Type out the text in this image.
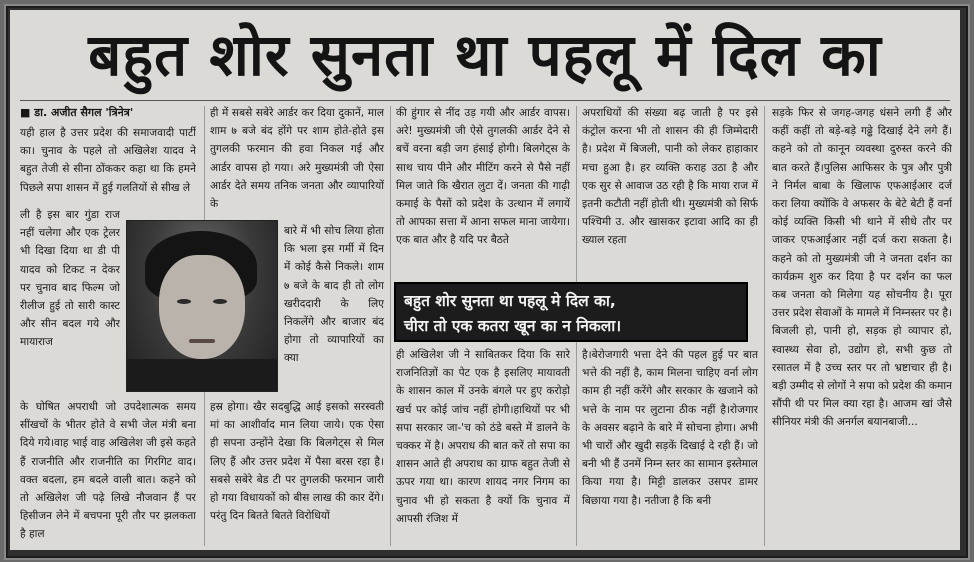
बहुत शोर सुनता था पहलू में दिल का
■ डा. अजीत सैगल 'त्रिनेत्र'

यही हाल है उत्तर प्रदेश की समाजवादी पार्टी का। चुनाव के पहले तो अखिलेश यादव ने बहुत तेजी से सीना ठोंककर कहा था कि हमने पिछले सपा शासन में हुई गलतियों से सीख ले

ली है इस बार गुंडा राज नहीं चलेगा और एक ट्रेलर भी दिखा दिया था डी पी यादव को टिकट न देकर पर चुनाव बाद फिल्म जो रीलीज हुई तो सारी कास्ट और सीन बदल गये और मायाराज

के घोषित अपराधी जो उपदेशात्मक समय सींखचों के भीतर होते वे सभी जेल मंत्री बना दिये गये।वाह भाई वाह अखिलेश जी इसे कहते हैं राजनीति और राजनीति का गिरगिट वाद। वक्त बदला, हम बदले वाली बात। कहने को तो अखिलेश जी पढ़े लिखे नौजवान हैं पर हिसीजन लेने में बचपना पूरी तौर पर झलकता है हाल

ही में सबसे सबेरे आर्डर कर दिया दुकानें, माल शाम ७ बजे बंद होंगे पर शाम होते-होते इस तुगलकी फरमान की हवा निकल गई और आर्डर वापस हो गया। अरे मुख्यमंत्री जी ऐसा आर्डर देते समय तनिक जनता और व्यापारियों के

बारे में भी सोच लिया होता कि भला इस गर्मी में दिन में कोई कैसे निकले। शाम ७ बजे के बाद ही तो लोग खरीददारी के लिए निकलेंगे और बाजार बंद होगा तो व्यापारियों का क्या

हस्र होगा। खैर सदबुद्धि आई इसको सरस्वती मां का आशीर्वाद मान लिया जाये। एक ऐसा ही सपना उन्होंने देखा कि बिलगेट्स से मिल लिए हैं और उत्तर प्रदेश में पैसा बरस रहा है। सबसे सबेरे बेड टी पर तुगलकी फरमान जारी हो गया विधायकों को बीस लाख की कार देंगे। परंतु दिन बितते बितते विरोधियों

की हुंगार से नींद उड़ गयी और आर्डर वापस। अरे! मुख्यमंत्री जी ऐसे तुगलकी आर्डर देने से बचें वरना बड़ी जग हंसाई होगी। बिलगेट्स के साथ चाय पीने और मीटिंग करने से पैसे नहीं मिल जाते कि खैरात लुटा दें। जनता की गाढ़ी कमाई के पैसों को प्रदेश के उत्थान में लगायें तो आपका सत्ता में आना सफल माना जायेगा। एक बात और है यदि पर बैठते

ही अखिलेश जी ने साबितकर दिया कि सारे राजनितिज्ञों का पेट एक है इसलिए मायावती के शासन काल में उनके बंगले पर हुए करोड़ो खर्च पर कोई जांच नहीं होगी।हाथियों पर भी सपा सरकार जा-'च को ठंडे बस्ते में डालने के चक्कर में है। अपराध की बात करें तो सपा का शासन आते ही अपराध का ग्राफ बहुत तेजी से ऊपर गया था। कारण शायद नगर निगम का चुनाव भी हो सकता है क्यों कि चुनाव में आपसी रंजिश में

अपराधियों की संख्या बढ़ जाती है पर इसे कंट्रोल करना भी तो शासन की ही जिम्मेदारी है। प्रदेश में बिजली, पानी को लेकर हाहाकार मचा हुआ है। हर व्यक्ति कराह उठा है और एक सुर से आवाज उठ रही है कि माया राज में इतनी कटौती नहीं होती थी। मुख्यमंत्री को सिर्फ पश्चिमी उ. और खासकर इटावा आदि का ही ख्याल रहता

है।बेरोजगारी भत्ता देने की पहल हुई पर बात भत्ते की नहीं है, काम मिलना चाहिए वर्ना लोग काम ही नहीं करेंगे और सरकार के खजाने को भत्ते के नाम पर लुटाना ठीक नहीं है।रोजगार के अवसर बढ़ाने के बारे में सोचना होगा। अभी भी चारों और खुदी सड़कें दिखाई दे रही हैं। जो बनी भी हैं उनमें निम्न स्तर का सामान इस्तेमाल किया गया है। मिट्टी डालकर उसपर डामर बिछाया गया है। नतीजा है कि बनी

सड़के फिर से जगह-जगह धंसने लगी हैं और कहीं कहीं तो बड़े-बड़े गढ्ढे दिखाई देने लगे हैं। कहने को तो कानून व्यवस्था दुरुस्त करने की बात करते हैं।पुलिस आफिसर के पुत्र और पुत्री ने निर्मल बाबा के खिलाफ एफआईआर दर्ज करा लिया क्योंकि वे अफसर के बेटे बेटी हैं वर्ना कोई व्यक्ति किसी भी थाने में सीधे तौर पर जाकर एफआईआर नहीं दर्ज करा सकता है। कहने को तो मुख्यमंत्री जी ने जनता दर्शन का कार्यक्रम शुरु कर दिया है पर दर्शन का फल कब जनता को मिलेगा यह सोचनीय है। पूरा उत्तर प्रदेश सेवाओं के मामले में निम्नस्तर पर है। बिजली हो, पानी हो, सड़क हो व्यापार हो, स्वास्थ्य सेवा हो, उद्योग हो, सभी कुछ तो रसातल में है उच्च स्तर पर तो भ्रष्टाचार ही है। बड़ी उम्मीद से लोगों ने सपा को प्रदेश की कमान सौंपी थी पर मिल क्या रहा है। आजम खां जैसे सीनियर मंत्री की अनर्गल बयानबाजी...

बहुत शोर सुनता था पहलू मे दिल का,
चीरा तो एक कतरा खून का न निकला।
